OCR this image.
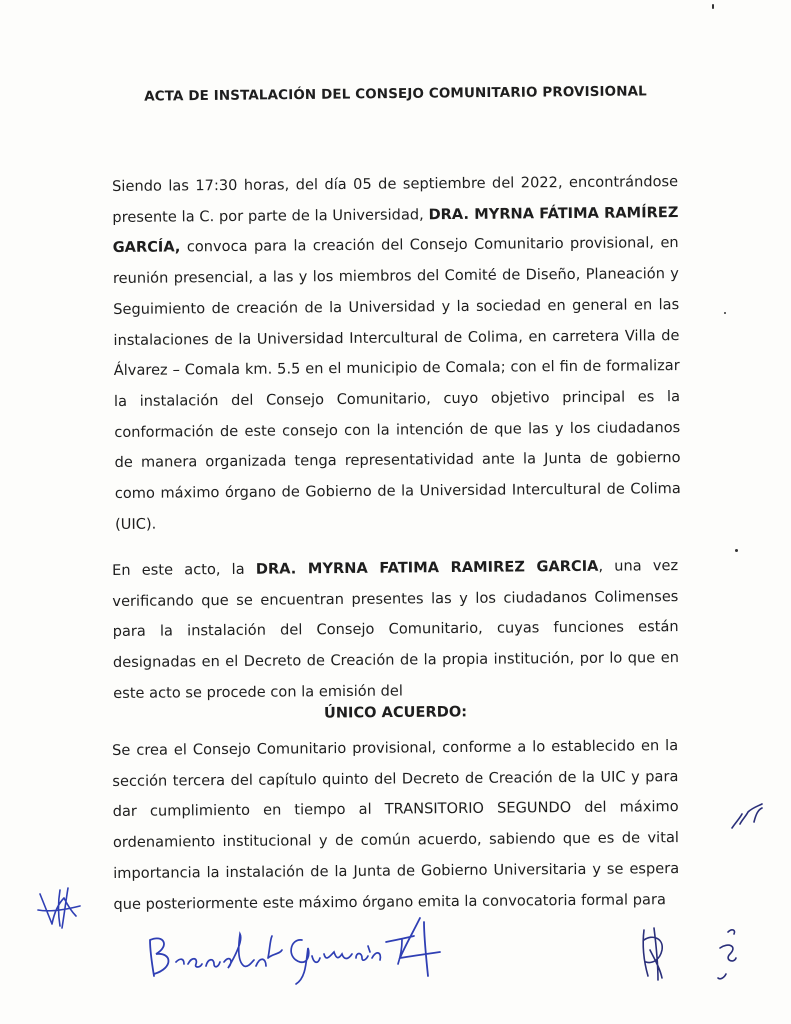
ACTA DE INSTALACIÓN DEL CONSEJO COMUNITARIO PROVISIONAL
Siendo las 17:30 horas, del día 05 de septiembre del 2022, encontrándose presente la C. por parte de la Universidad, DRA. MYRNA FÁTIMA RAMÍREZ GARCÍA, convoca para la creación del Consejo Comunitario provisional, en reunión presencial, a las y los miembros del Comité de Diseño, Planeación y Seguimiento de creación de la Universidad y la sociedad en general en las instalaciones de la Universidad Intercultural de Colima, en carretera Villa de Álvarez – Comala km. 5.5 en el municipio de Comala; con el fin de formalizar la instalación del Consejo Comunitario, cuyo objetivo principal es la conformación de este consejo con la intención de que las y los ciudadanos de manera organizada tenga representatividad ante la Junta de gobierno como máximo órgano de Gobierno de la Universidad Intercultural de Colima (UIC).
En este acto, la DRA. MYRNA FATIMA RAMIREZ GARCIA, una vez verificando que se encuentran presentes las y los ciudadanos Colimenses para la instalación del Consejo Comunitario, cuyas funciones están designadas en el Decreto de Creación de la propia institución, por lo que en este acto se procede con la emisión del
ÚNICO ACUERDO:
Se crea el Consejo Comunitario provisional, conforme a lo establecido en la sección tercera del capítulo quinto del Decreto de Creación de la UIC y para dar cumplimiento en tiempo al TRANSITORIO SEGUNDO del máximo ordenamiento institucional y de común acuerdo, sabiendo que es de vital importancia la instalación de la Junta de Gobierno Universitaria y se espera que posteriormente este máximo órgano emita la convocatoria formal para
